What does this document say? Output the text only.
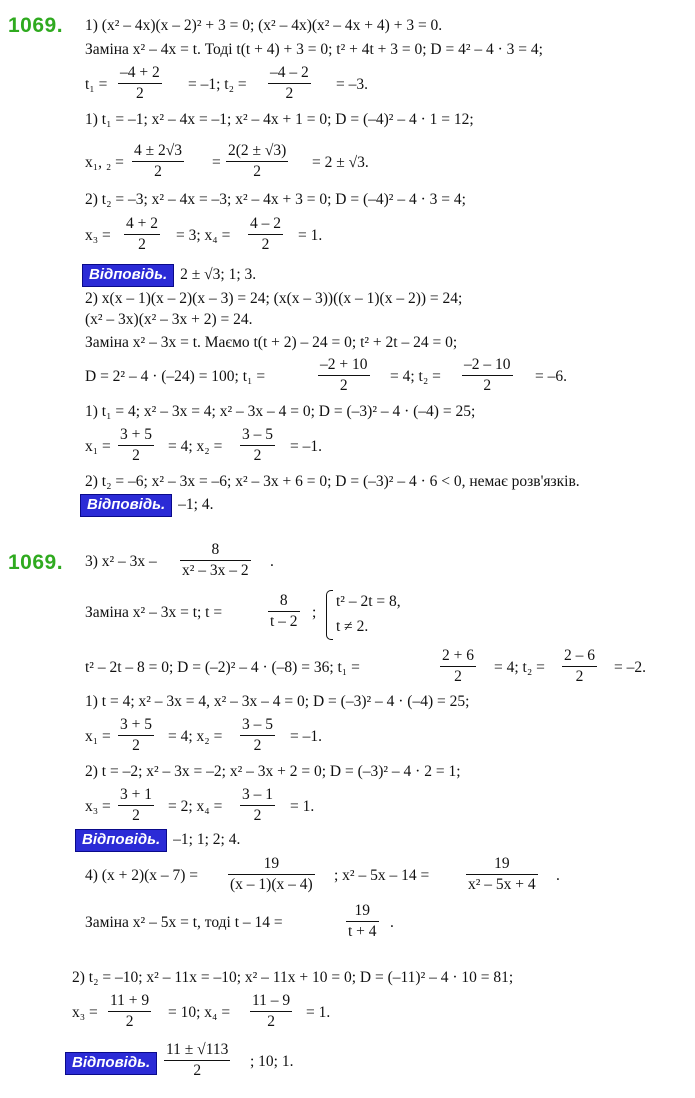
1069. 1) (x² – 4x)(x – 2)² + 3 = 0; (x² – 4x)(x² – 4x + 4) + 3 = 0.
Заміна x² – 4x = t. Тоді t(t + 4) + 3 = 0; t² + 4t + 3 = 0; D = 4² – 4 · 3 = 4;
$t_1 = \frac{-4 + 2}{2} = -1$; $t_2 = \frac{-4 - 2}{2} = -3$.
1) t₁ = –1; x² – 4x = –1; x² – 4x + 1 = 0; D = (–4)² – 4 · 1 = 12;
x₁, $_2 = \frac{4 \pm 2√3}{2} = \frac{2(2 \pm √3)}{2} = 2 \pm √3$.
2) t₂ = –3; x² – 4x = –3; x² – 4x + 3 = 0; D = (–4)² – 4 · 3 = 4;
$x_3 = \frac{4 + 2}{2} = 3$; $x_4 = \frac{4 - 2}{2} = 1$.
Відповідь. 2 ± √3; 1; 3.
2) x(x – 1)(x – 2)(x – 3) = 24; (x(x – 3))((x – 1)(x – 2)) = 24;
(x² – 3x)(x² – 3x + 2) = 24.
Заміна x² – 3x = t. Маємо t(t + 2) – 24 = 0; t² + 2t – 24 = 0;
D = 2² – 4 · (–24) = 100; t₁ =	$\frac{-2 + 10}{2} = 4$; $t_2 = \frac{-2 - 10}{2} = -6$.
1) t₁ = 4; x² – 3x = 4; x² – 3x – 4 = 0; D = (–3)² – 4 · (–4) = 25;
$x_1 = \frac{3 + 5}{2} = 4$; $x_2 = \frac{3 - 5}{2} = -1$.
2) t₂ = –6; x² – 3x = –6; x² – 3x + 6 = 0; D = (–3)² – 4 · 6 < 0, немає розв'язків.
Відповідь. –1; 4.
1069. 3) $x^2 - 3x - \frac{8}{\text{x² – 3x – 2}}$ .
Заміна x² – 3x = t; t =	$\frac{8}{t - 2}$ ;
t² – 2t = 8,
t ≠ 2.
t² – 2t – 8 = 0; D = (–2)² – 4 · (–8) = 36; t₁ =	$\frac{2 + 6}{2} = 4$; $t_2 = \frac{2 - 6}{2} = -2$.
1) t = 4; x² – 3x = 4, x² – 3x – 4 = 0; D = (–3)² – 4 · (–4) = 25;
$x_1 = \frac{3 + 5}{2} = 4$; $x_2 = \frac{3 - 5}{2} = -1$.
2) t = –2; x² – 3x = –2; x² – 3x + 2 = 0; D = (–3)² – 4 · 2 = 1;
$x_3 = \frac{3 + 1}{2} = 2$; $x_4 = \frac{3 - 1}{2} = 1$.
Відповідь. –1; 1; 2; 4.
4) $(x + 2)(x - 7) = \frac{19}{(x - 1)(x - 4)}$ ; $x^2 - 5x - 14 = \frac{19}{\text{x² – 5x + 4}}$ .
Заміна x² – 5x = t, тоді t – 14 =	$\frac{19}{t + 4}$ .
2) t₂ = –10; x² – 11x = –10; x² – 11x + 10 = 0; D = (–11)² – 4 · 10 = 81;
$x_3 = \frac{11 + 9}{2} = 10$; $x_4 = \frac{11 - 9}{2} = 1$.
Відповідь. $\frac{11 \pm √113}{2}$ ; 10; 1.
